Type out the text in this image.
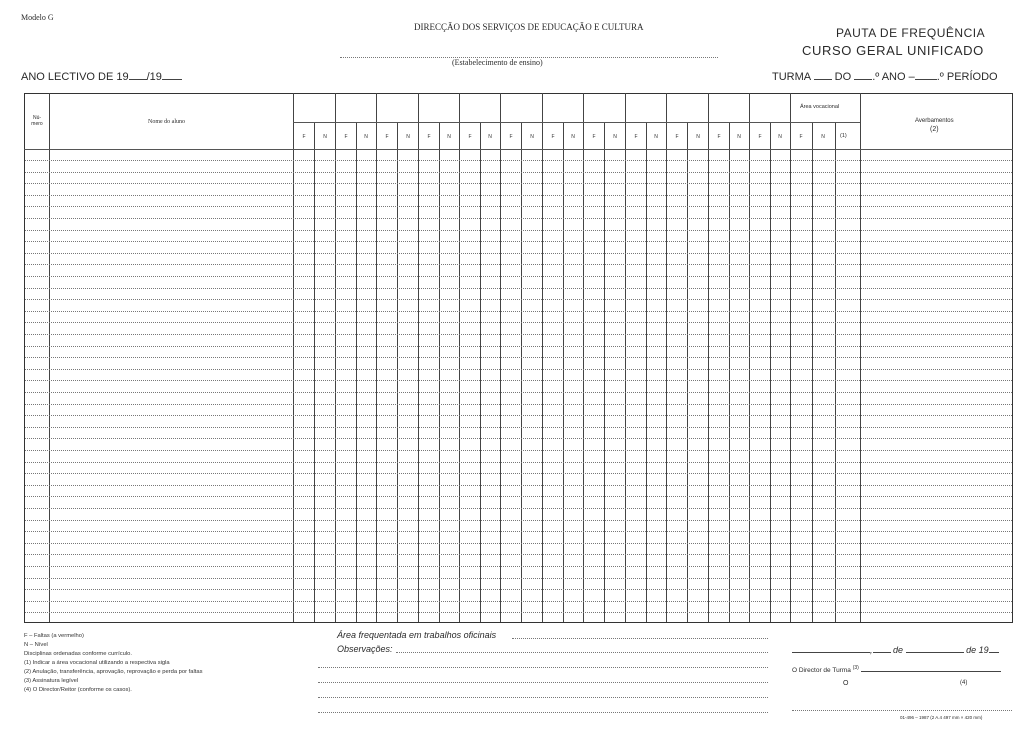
Modelo G
DIRECÇÃO DOS SERVIÇOS DE EDUCAÇÃO E CULTURA
(Estabelecimento de ensino)
PAUTA DE FREQUÊNCIA
CURSO GERAL UNIFICADO
ANO LECTIVO DE 19 /19	TURMA DO .º ANO – .º PERÍODO
Nú-mero	Nome do aluno
Área vocacional
Averbamentos
(2)
(1)
F	N	F	N	F	N	F	N	F	N	F	N	F	N	F	N	F	N	F	N	F	N	F	N	F	N
F – Faltas (a vermelho)
N – Nível
Disciplinas ordenadas conforme currículo.
(1) Indicar a área vocacional utilizando a respectiva sigla
(2) Anulação, transferência, aprovação, reprovação e perda por faltas
(3) Assinatura legível
(4) O Director/Reitor (conforme os casos).
Área frequentada em trabalhos oficinais
Observações:	, de	de 19
O Director de Turma $^{(3)}$
O	(4)
01-496 – 1987 (2 A.4 497 mm × 420 mm)
